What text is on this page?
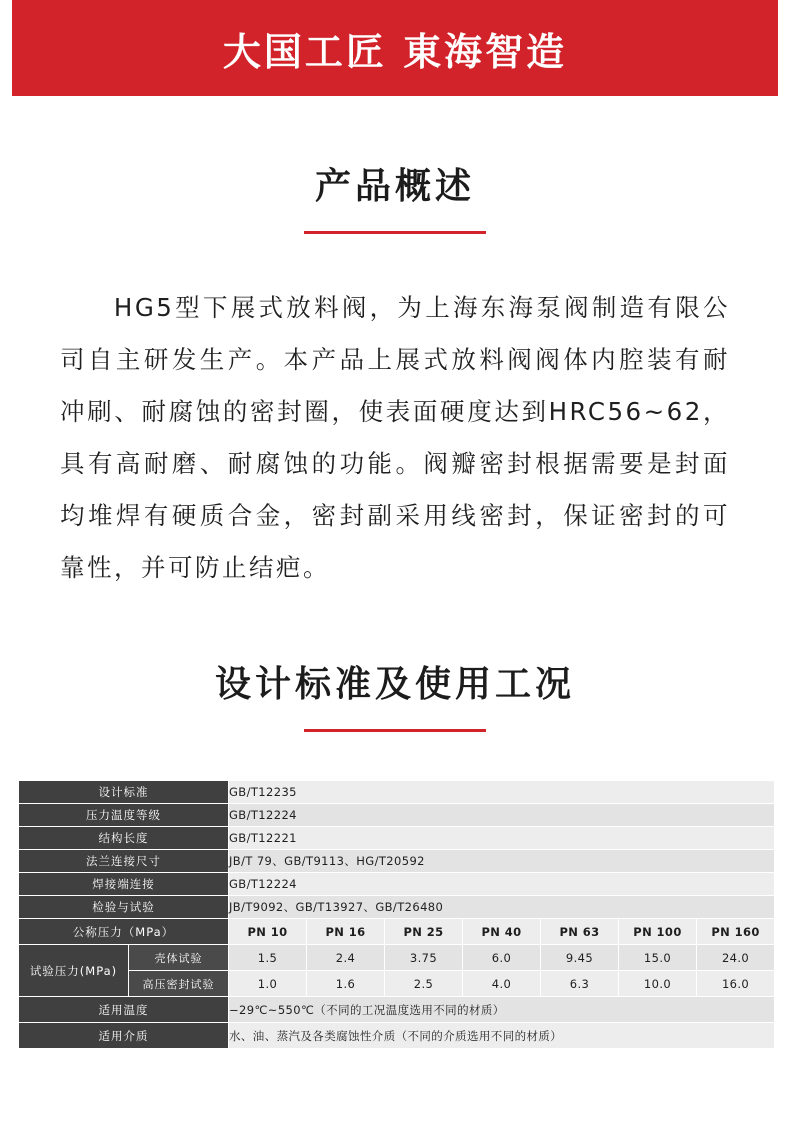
大国工匠 東海智造
产品概述

HG5型下展式放料阀，为上海东海泵阀制造有限公司自主研发生产。本产品上展式放料阀阀体内腔装有耐冲刷、耐腐蚀的密封圈，使表面硬度达到HRC56~62，具有高耐磨、耐腐蚀的功能。阀瓣密封根据需要是封面均堆焊有硬质合金，密封副采用线密封，保证密封的可靠性，并可防止结疤。

设计标准及使用工况
设计标准		GB/T12235						
压力温度等级		GB/T12224						
结构长度		GB/T12221						
法兰连接尺寸		JB/T 79、GB/T9113、HG/T20592						
焊接端连接		GB/T12224						
检验与试验		JB/T9092、GB/T13927、GB/T26480						
公称压力（MPa）		PN 10	PN 16	PN 25	PN 40	PN 63	PN 100	PN 160
试验压力(MPa)	壳体试验	1.5	2.4	3.75	6.0	9.45	15.0	24.0
	高压密封试验	1.0	1.6	2.5	4.0	6.3	10.0	16.0
适用温度		−29℃~550℃（不同的工况温度选用不同的材质）						
适用介质		水、油、蒸汽及各类腐蚀性介质（不同的介质选用不同的材质）						
